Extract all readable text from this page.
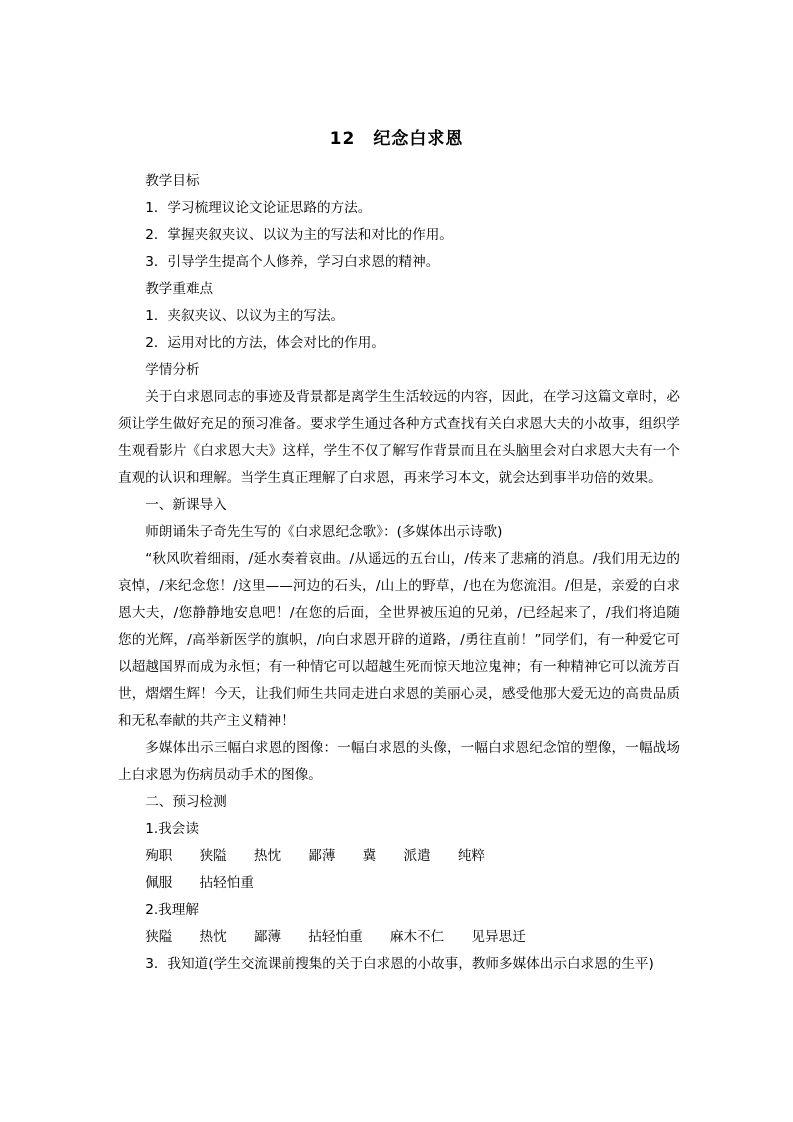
12　纪念白求恩

教学目标

1．学习梳理议论文论证思路的方法。

2．掌握夹叙夹议、以议为主的写法和对比的作用。

3．引导学生提高个人修养，学习白求恩的精神。

教学重难点

1．夹叙夹议、以议为主的写法。

2．运用对比的方法，体会对比的作用。

学情分析

关于白求恩同志的事迹及背景都是离学生生活较远的内容，因此，在学习这篇文章时，必须让学生做好充足的预习准备。要求学生通过各种方式查找有关白求恩大夫的小故事，组织学生观看影片《白求恩大夫》这样，学生不仅了解写作背景而且在头脑里会对白求恩大夫有一个直观的认识和理解。当学生真正理解了白求恩，再来学习本文，就会达到事半功倍的效果。

一、新课导入

师朗诵朱子奇先生写的《白求恩纪念歌》：(多媒体出示诗歌)

“秋风吹着细雨，/延水奏着哀曲。/从遥远的五台山，/传来了悲痛的消息。/我们用无边的哀悼，/来纪念您！/这里——河边的石头，/山上的野草，/也在为您流泪。/但是，亲爱的白求恩大夫，/您静静地安息吧！/在您的后面，全世界被压迫的兄弟，/已经起来了，/我们将追随您的光辉，/高举新医学的旗帜，/向白求恩开辟的道路，/勇往直前！”同学们，有一种爱它可以超越国界而成为永恒；有一种情它可以超越生死而惊天地泣鬼神；有一种精神它可以流芳百世，熠熠生辉！今天，让我们师生共同走进白求恩的美丽心灵，感受他那大爱无边的高贵品质和无私奉献的共产主义精神！

多媒体出示三幅白求恩的图像：一幅白求恩的头像，一幅白求恩纪念馆的塑像，一幅战场上白求恩为伤病员动手术的图像。

二、预习检测

1.我会读

殉职　　狭隘　　热忱　　鄙薄　　冀　　派遣　　纯粹

佩服　　拈轻怕重

2.我理解

狭隘　　热忱　　鄙薄　　拈轻怕重　　麻木不仁　　见异思迁

3．我知道(学生交流课前搜集的关于白求恩的小故事，教师多媒体出示白求恩的生平)
